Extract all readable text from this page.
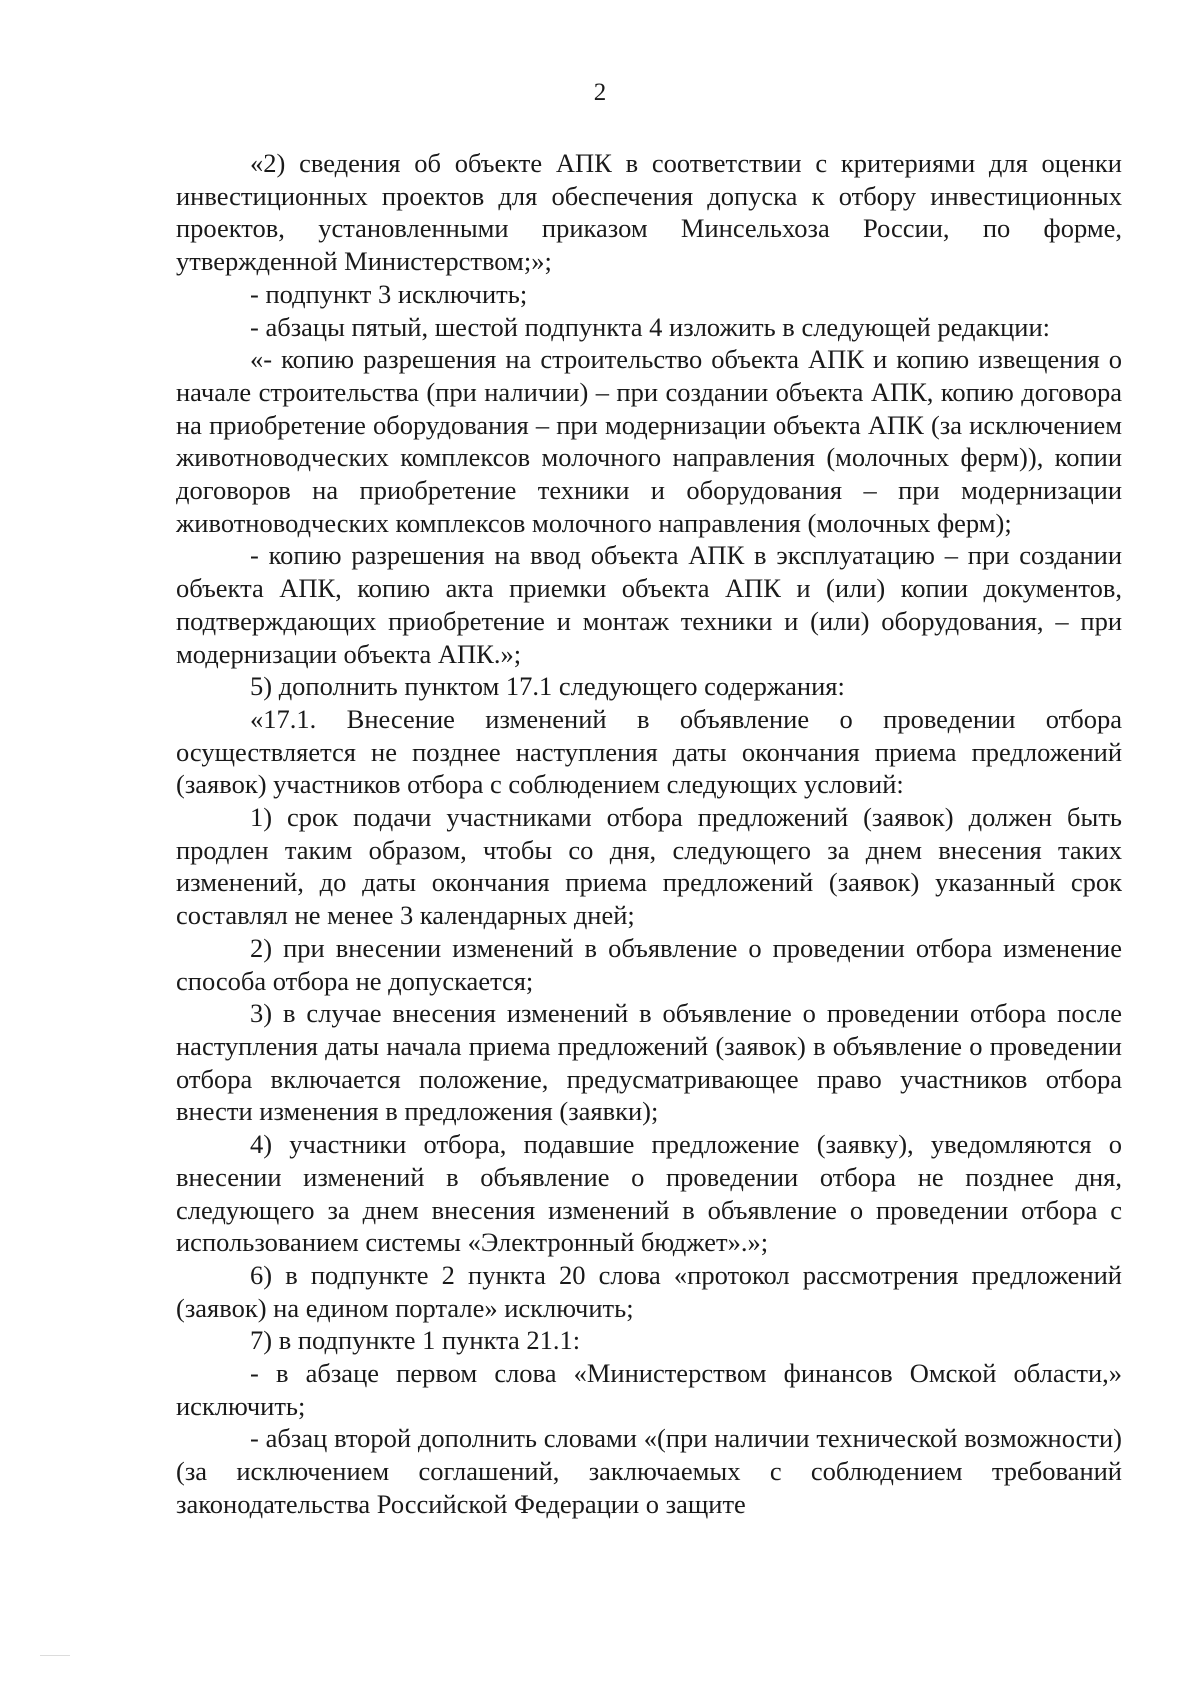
2

«2) сведения об объекте АПК в соответствии с критериями для оценки инвестиционных проектов для обеспечения допуска к отбору инвестиционных проектов, установленными приказом Минсельхоза России, по форме, утвержденной Министерством;»;

- подпункт 3 исключить;

- абзацы пятый, шестой подпункта 4 изложить в следующей редакции:

«- копию разрешения на строительство объекта АПК и копию извещения о начале строительства (при наличии) – при создании объекта АПК, копию договора на приобретение оборудования – при модернизации объекта АПК (за исключением животноводческих комплексов молочного направления (молочных ферм)), копии договоров на приобретение техники и оборудования – при модернизации животноводческих комплексов молочного направления (молочных ферм);

- копию разрешения на ввод объекта АПК в эксплуатацию – при создании объекта АПК, копию акта приемки объекта АПК и (или) копии документов, подтверждающих приобретение и монтаж техники и (или) оборудования, – при модернизации объекта АПК.»;

5) дополнить пунктом 17.1 следующего содержания:

«17.1. Внесение изменений в объявление о проведении отбора осуществляется не позднее наступления даты окончания приема предложений (заявок) участников отбора с соблюдением следующих условий:

1) срок подачи участниками отбора предложений (заявок) должен быть продлен таким образом, чтобы со дня, следующего за днем внесения таких изменений, до даты окончания приема предложений (заявок) указанный срок составлял не менее 3 календарных дней;

2) при внесении изменений в объявление о проведении отбора изменение способа отбора не допускается;

3) в случае внесения изменений в объявление о проведении отбора после наступления даты начала приема предложений (заявок) в объявление о проведении отбора включается положение, предусматривающее право участников отбора внести изменения в предложения (заявки);

4) участники отбора, подавшие предложение (заявку), уведомляются о внесении изменений в объявление о проведении отбора не позднее дня, следующего за днем внесения изменений в объявление о проведении отбора с использованием системы «Электронный бюджет».»;

6) в подпункте 2 пункта 20 слова «протокол рассмотрения предложений (заявок) на едином портале» исключить;

7) в подпункте 1 пункта 21.1:

- в абзаце первом слова «Министерством финансов Омской области,» исключить;

- абзац второй дополнить словами «(при наличии технической возможности) (за исключением соглашений, заключаемых с соблюдением требований законодательства Российской Федерации о защите
